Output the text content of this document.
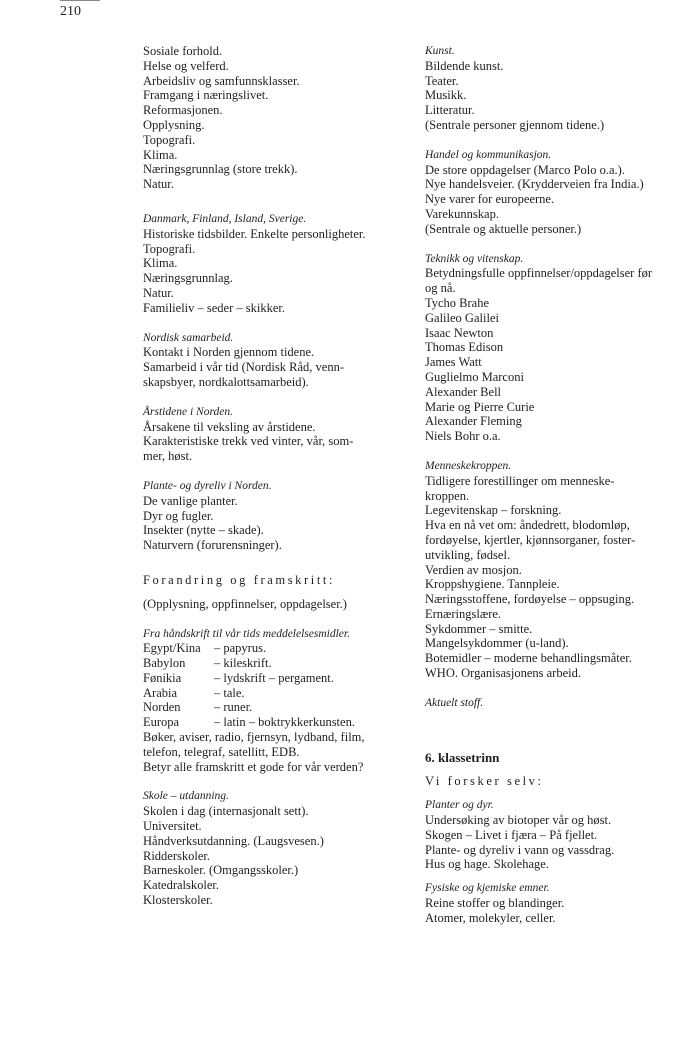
210
Sosiale forhold.
Helse og velferd.
Arbeidsliv og samfunnsklasser.
Framgang i næringslivet.
Reformasjonen.
Opplysning.
Topografi.
Klima.
Næringsgrunnlag (store trekk).
Natur.
Danmark, Finland, Island, Sverige.
Historiske tidsbilder. Enkelte personligheter.
Topografi.
Klima.
Næringsgrunnlag.
Natur.
Familieliv – seder – skikker.
Nordisk samarbeid.
Kontakt i Norden gjennom tidene.
Samarbeid i vår tid (Nordisk Råd, venn-
skapsbyer, nordkalottsamarbeid).
Årstidene i Norden.
Årsakene til veksling av årstidene.
Karakteristiske trekk ved vinter, vår, som-
mer, høst.
Plante- og dyreliv i Norden.
De vanlige planter.
Dyr og fugler.
Insekter (nytte – skade).
Naturvern (forurensninger).
Forandring og framskritt:
(Opplysning, oppfinnelser, oppdagelser.)
Fra håndskrift til vår tids meddelelsesmidler.
Egypt/Kina	– papyrus.
Babylon	– kileskrift.
Fønikia	– lydskrift – pergament.
Arabia	– tale.
Norden	– runer.
Europa	– latin – boktrykkerkunsten.
Bøker, aviser, radio, fjernsyn, lydband, film,
telefon, telegraf, satellitt, EDB.
Betyr alle framskritt et gode for vår verden?
Skole – utdanning.
Skolen i dag (internasjonalt sett).
Universitet.
Håndverksutdanning. (Laugsvesen.)
Ridderskoler.
Barneskoler. (Omgangsskoler.)
Katedralskoler.
Klosterskoler.
Kunst.
Bildende kunst.
Teater.
Musikk.
Litteratur.
(Sentrale personer gjennom tidene.)
Handel og kommunikasjon.
De store oppdagelser (Marco Polo o.a.).
Nye handelsveier. (Krydderveien fra India.)
Nye varer for europeerne.
Varekunnskap.
(Sentrale og aktuelle personer.)
Teknikk og vitenskap.
Betydningsfulle oppfinnelser/oppdagelser før
og nå.
Tycho Brahe
Galileo Galilei
Isaac Newton
Thomas Edison
James Watt
Guglielmo Marconi
Alexander Bell
Marie og Pierre Curie
Alexander Fleming
Niels Bohr o.a.
Menneskekroppen.
Tidligere forestillinger om menneske-
kroppen.
Legevitenskap – forskning.
Hva en nå vet om: åndedrett, blodomløp,
fordøyelse, kjertler, kjønnsorganer, foster-
utvikling, fødsel.
Verdien av mosjon.
Kroppshygiene. Tannpleie.
Næringsstoffene, fordøyelse – oppsuging.
Ernæringslære.
Sykdommer – smitte.
Mangelsykdommer (u-land).
Botemidler – moderne behandlingsmåter.
WHO. Organisasjonens arbeid.
Aktuelt stoff.
6. klassetrinn
Vi forsker selv:
Planter og dyr.
Undersøking av biotoper vår og høst.
Skogen – Livet i fjæra – På fjellet.
Plante- og dyreliv i vann og vassdrag.
Hus og hage. Skolehage.
Fysiske og kjemiske emner.
Reine stoffer og blandinger.
Atomer, molekyler, celler.
